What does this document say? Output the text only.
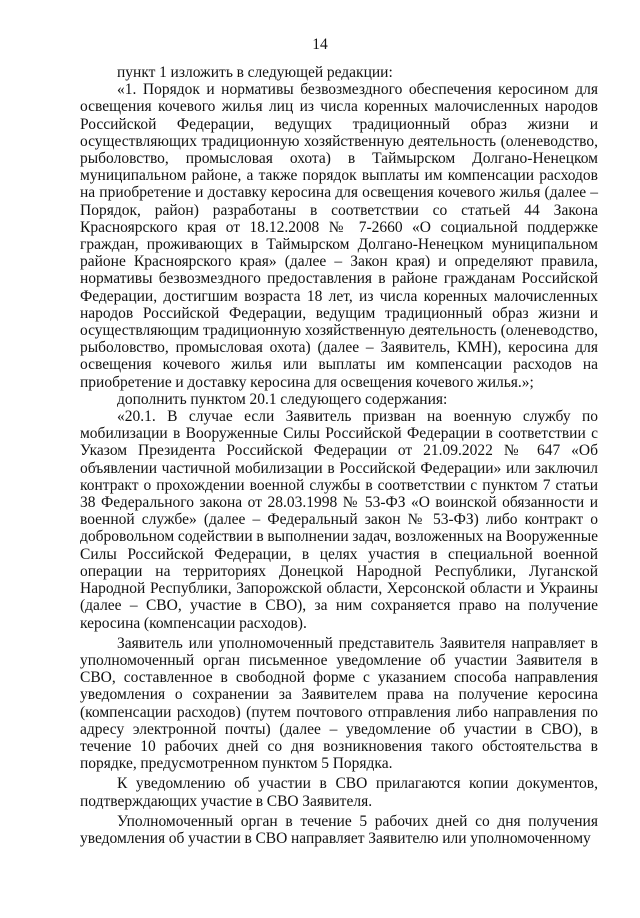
14

пункт 1 изложить в следующей редакции:

«1. Порядок и нормативы безвозмездного обеспечения керосином для освещения кочевого жилья лиц из числа коренных малочисленных народов Российской Федерации, ведущих традиционный образ жизни и осуществляющих традиционную хозяйственную деятельность (оленеводство, рыболовство, промысловая охота) в Таймырском Долгано-Ненецком муниципальном районе, а также порядок выплаты им компенсации расходов на приобретение и доставку керосина для освещения кочевого жилья (далее – Порядок, район) разработаны в соответствии со статьей 44 Закона Красноярского края от 18.12.2008 № 7-2660 «О социальной поддержке граждан, проживающих в Таймырском Долгано-Ненецком муниципальном районе Красноярского края» (далее – Закон края) и определяют правила, нормативы безвозмездного предоставления в районе гражданам Российской Федерации, достигшим возраста 18 лет, из числа коренных малочисленных народов Российской Федерации, ведущим традиционный образ жизни и осуществляющим традиционную хозяйственную деятельность (оленеводство, рыболовство, промысловая охота) (далее – Заявитель, КМН), керосина для освещения кочевого жилья или выплаты им компенсации расходов на приобретение и доставку керосина для освещения кочевого жилья.»;

дополнить пунктом 20.1 следующего содержания:

«20.1. В случае если Заявитель призван на военную службу по мобилизации в Вооруженные Силы Российской Федерации в соответствии с Указом Президента Российской Федерации от 21.09.2022 № 647 «Об объявлении частичной мобилизации в Российской Федерации» или заключил контракт о прохождении военной службы в соответствии с пунктом 7 статьи 38 Федерального закона от 28.03.1998 № 53-ФЗ «О воинской обязанности и военной службе» (далее – Федеральный закон № 53-ФЗ) либо контракт о добровольном содействии в выполнении задач, возложенных на Вооруженные Силы Российской Федерации, в целях участия в специальной военной операции на территориях Донецкой Народной Республики, Луганской Народной Республики, Запорожской области, Херсонской области и Украины (далее – СВО, участие в СВО), за ним сохраняется право на получение керосина (компенсации расходов).

Заявитель или уполномоченный представитель Заявителя направляет в уполномоченный орган письменное уведомление об участии Заявителя в СВО, составленное в свободной форме с указанием способа направления уведомления о сохранении за Заявителем права на получение керосина (компенсации расходов) (путем почтового отправления либо направления по адресу электронной почты) (далее – уведомление об участии в СВО), в течение 10 рабочих дней со дня возникновения такого обстоятельства в порядке, предусмотренном пунктом 5 Порядка.

К уведомлению об участии в СВО прилагаются копии документов, подтверждающих участие в СВО Заявителя.

Уполномоченный орган в течение 5 рабочих дней со дня получения уведомления об участии в СВО направляет Заявителю или уполномоченному
